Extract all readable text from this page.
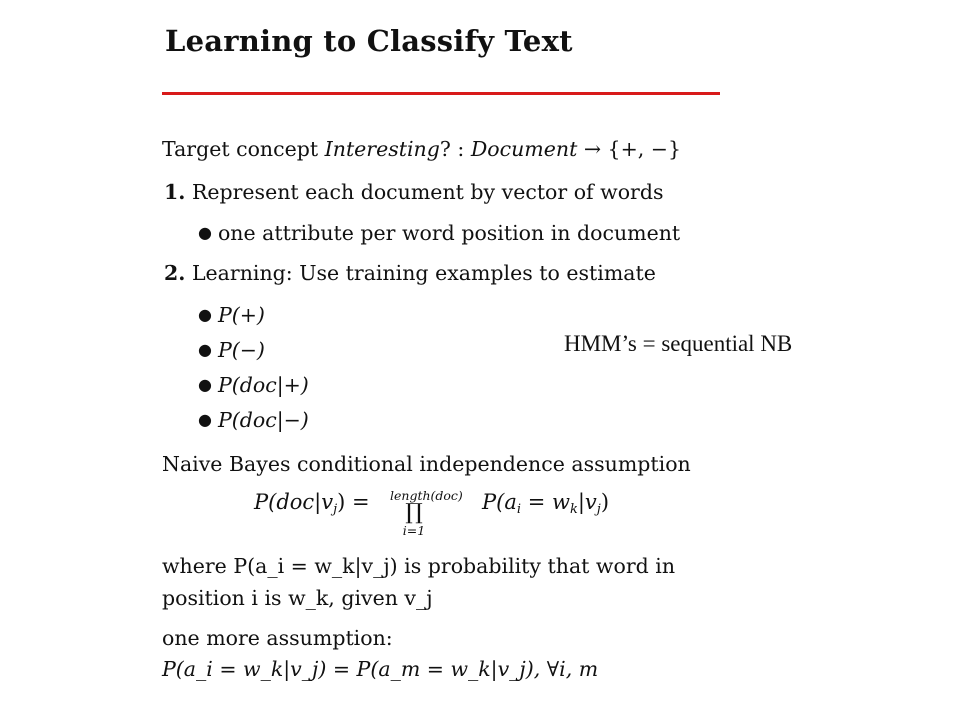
Learning to Classify Text
Target concept Interesting? : Document → {+, −}
1. Represent each document by vector of words
● one attribute per word position in document
2. Learning: Use training examples to estimate
● P(+)
● P(−)
● P(doc|+)
● P(doc|−)
Naive Bayes conditional independence assumption
$P(doc|v_j)$ = length(doc)
∏
i=1
$P(a_i = w_k|v_j)$
where P(a_i = w_k|v_j) is probability that word in
position i is w_k, given v_j
one more assumption:
P(a_i = w_k|v_j) = P(a_m = w_k|v_j), ∀i, m
HMM’s = sequential NB
